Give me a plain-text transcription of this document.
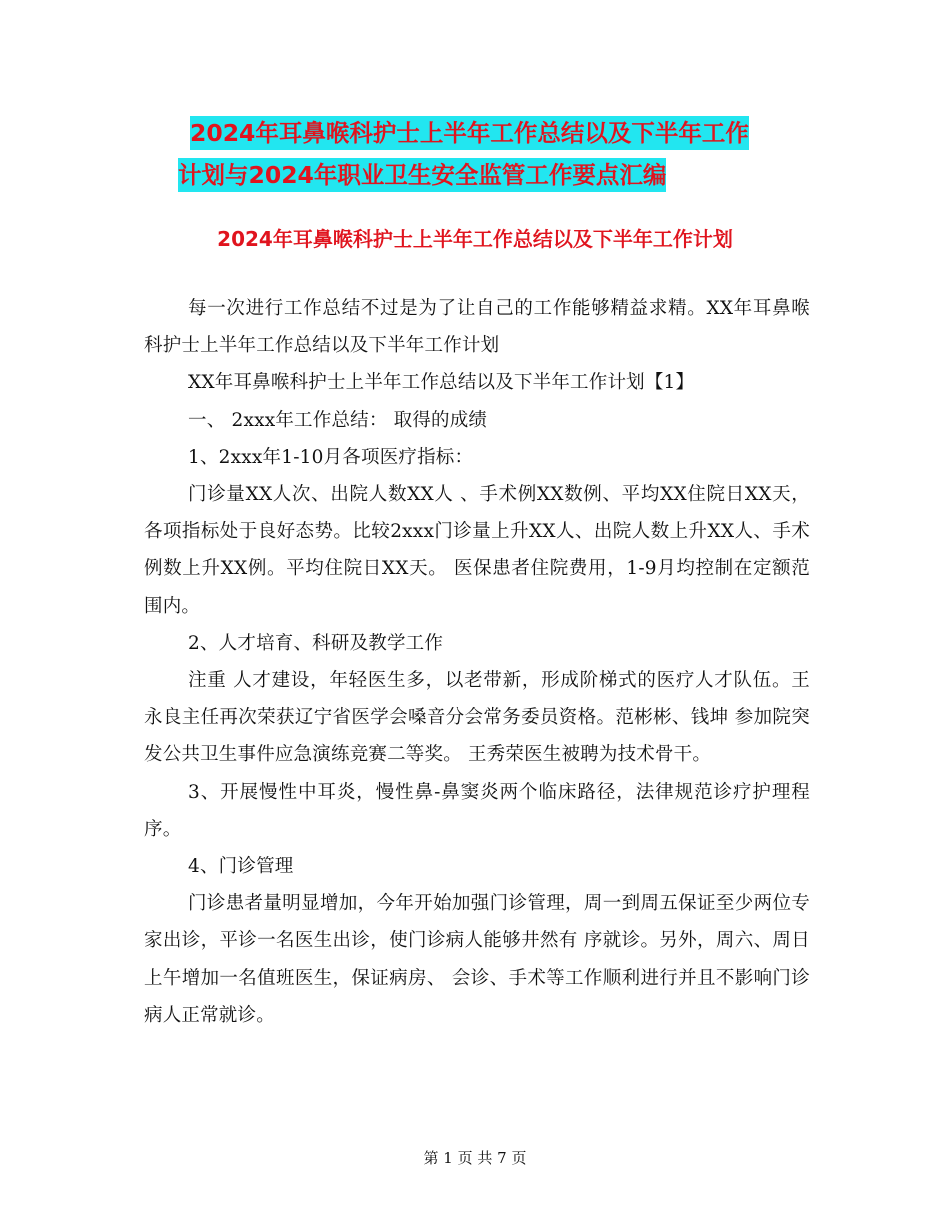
2024年耳鼻喉科护士上半年工作总结以及下半年工作
计划与2024年职业卫生安全监管工作要点汇编
2024年耳鼻喉科护士上半年工作总结以及下半年工作计划

每一次进行工作总结不过是为了让自己的工作能够精益求精。XX年耳鼻喉科护士上半年工作总结以及下半年工作计划

XX年耳鼻喉科护士上半年工作总结以及下半年工作计划【1】

一、 2xxx年工作总结： 取得的成绩

1、2xxx年1-10月各项医疗指标：

门诊量XX人次、出院人数XX人 、手术例XX数例、平均XX住院日XX天，各项指标处于良好态势。比较2xxx门诊量上升XX人、出院人数上升XX人、手术例数上升XX例。平均住院日XX天。 医保患者住院费用，1-9月均控制在定额范围内。

2、人才培育、科研及教学工作

注重 人才建设，年轻医生多，以老带新，形成阶梯式的医疗人才队伍。王永良主任再次荣获辽宁省医学会嗓音分会常务委员资格。范彬彬、钱坤 参加院突发公共卫生事件应急演练竞赛二等奖。 王秀荣医生被聘为技术骨干。

3、开展慢性中耳炎，慢性鼻-鼻窦炎两个临床路径，法律规范诊疗护理程序。

4、门诊管理

门诊患者量明显增加，今年开始加强门诊管理，周一到周五保证至少两位专家出诊，平诊一名医生出诊，使门诊病人能够井然有 序就诊。另外，周六、周日上午增加一名值班医生，保证病房、 会诊、手术等工作顺利进行并且不影响门诊病人正常就诊。

第 1 页 共 7 页
